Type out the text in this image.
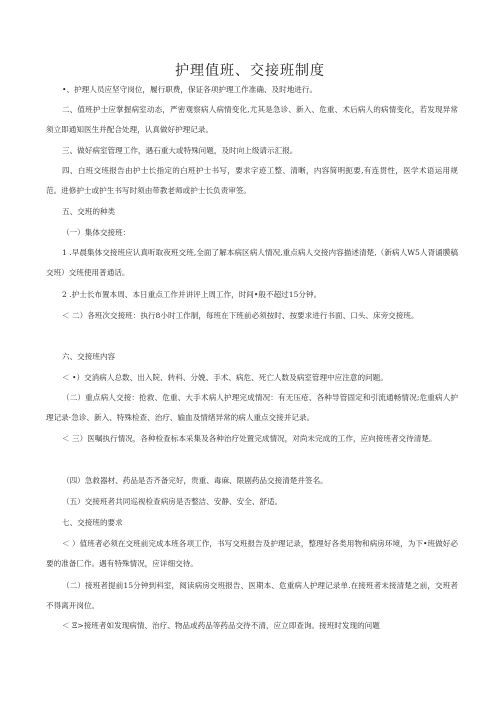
护理值班、交接班制度
•、护理人员应坚守岗位，履行职费，保证各项护理工作准确、及时地进行。
二、值班护士应掌握病室动态，严密观察病人病情变化,尤其是急诊、新入、危重、术后病人的病情变化，若发现异常须立即通知医生并配合处理，认真做好护理记录。
三、做好病室管理工作，遇石重大或特殊问题，及时向上级请示汇报。
四、白班交班报告由护士长指定的白班护士书写，要求字迹工整、清晰，内容简明扼要,有连贯性，医学术语运用规范。进修护士或护生书写时须由带教老师或护士长负责审签。
五、交班的种类
（一）集体交接班：
1 .早晨集体交接班应认真听取夜班交班,全面了解本病区病人情况,重点病人交接内容描述清楚,（新病人W5人胥诵膜稿交班）交班使用普通话。
2 .护士长布置本周、本日重点工作并讲评上周工作，时间•般不超过15分钟。
＜ 二）各班次交接班：执行8小时工作制，每班在下班前必须按时、按要求进行书面、口头、床旁交接班。
六、交接班内容
＜ •）交消病人总数、出入院、转科、分娩、手术、病危、死亡人数及病室管理中应注意的问题。
（二）重点病人交接：抢救、危重、大手术病人护理完成情况：有无压疮、各种导管固定和引流通畅情况;危重病人护理记录·急诊、新入、特殊检查、治疗、输血及情绪异常的病人重点交接并记录。
＜ 三）医嘱执行情况，各种检查标本采集及各种治疗处置完成情况，对尚未完成的工作，应向接班者交待清楚。
（四）急救器材、药品是否齐备完好，贵重、毒麻、限剧药品交接清楚并签名。
（五）交接班者共同巡视检查病房是否整洁、安静、安全、舒适。
七、交接班的要求
＜ ）值班者必须在交班前完成本班各项工作，书写交班报告及护理记录，整理好各类用物和病房环境，为下•班做好必要的准备匚作。遇有特殊情况，应详细交待。
（二）接班者提前15分钟到科室，阅读病房交班报告、医期本、危重病人护理记录单.在接班者未接清楚之前，交班者不得离开岗位。
＜ Ξ>接班者如发现病情、治疗、物品或药品等药品交待不清，应立即查询。接班时发现的问题
